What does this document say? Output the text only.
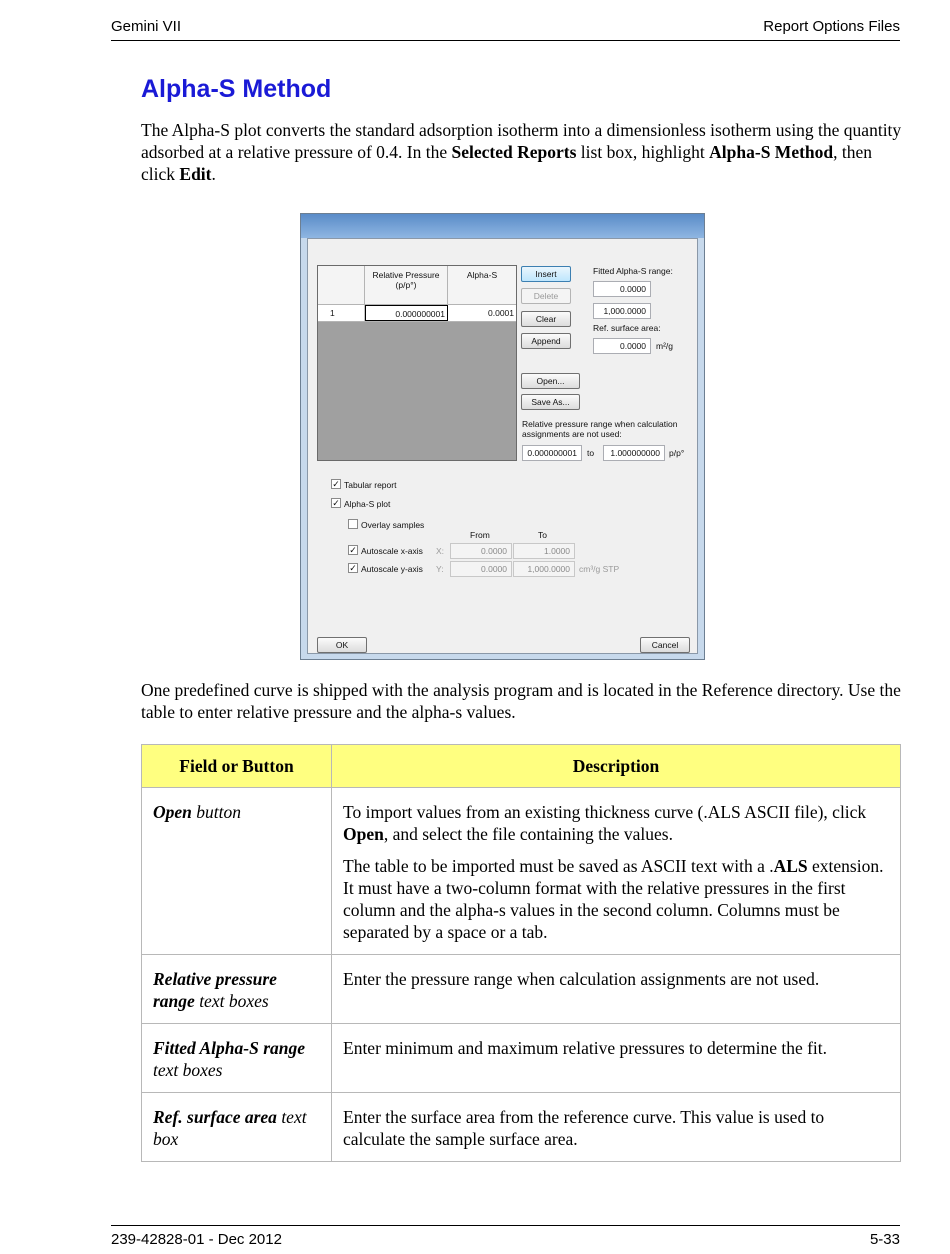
Gemini VII	Report Options Files
Alpha-S Method

The Alpha-S plot converts the standard adsorption isotherm into a dimensionless isotherm using the quantity adsorbed at a relative pressure of 0.4. In the Selected Reports list box, highlight Alpha-S Method, then click Edit.

Relative Pressure (p/p°)
Alpha-S
1	0.000000001	0.0001
Insert
Delete
Clear
Append
Open...
Save As...
Fitted Alpha-S range:
0.0000
1,000.0000
Ref. surface area:
0.0000	m²/g
Relative pressure range when calculation assignments are not used:
0.000000001	to	1.000000000	p/p°
✓ Tabular report
✓ Alpha-S plot
Overlay samples
From	To
✓ Autoscale x-axis X:	0.0000	1.0000
✓ Autoscale y-axis Y:	0.0000	1,000.0000	cm³/g STP
OK	Cancel

One predefined curve is shipped with the analysis program and is located in the Reference directory. Use the table to enter relative pressure and the alpha-s values.

Field or Button	Description
Open button	To import values from an existing thickness curve (.ALS ASCII file), click Open, and select the file containing the values.

The table to be imported must be saved as ASCII text with a .ALS extension. It must have a two-column format with the relative pressures in the first column and the alpha-s values in the second column. Columns must be separated by a space or a tab.

Relative pressure range text boxes	Enter the pressure range when calculation assignments are not used.
Fitted Alpha-S range text boxes	Enter minimum and maximum relative pressures to determine the fit.
Ref. surface area text box	Enter the surface area from the reference curve. This value is used to calculate the sample surface area.
239-42828-01 - Dec 2012	5-33
